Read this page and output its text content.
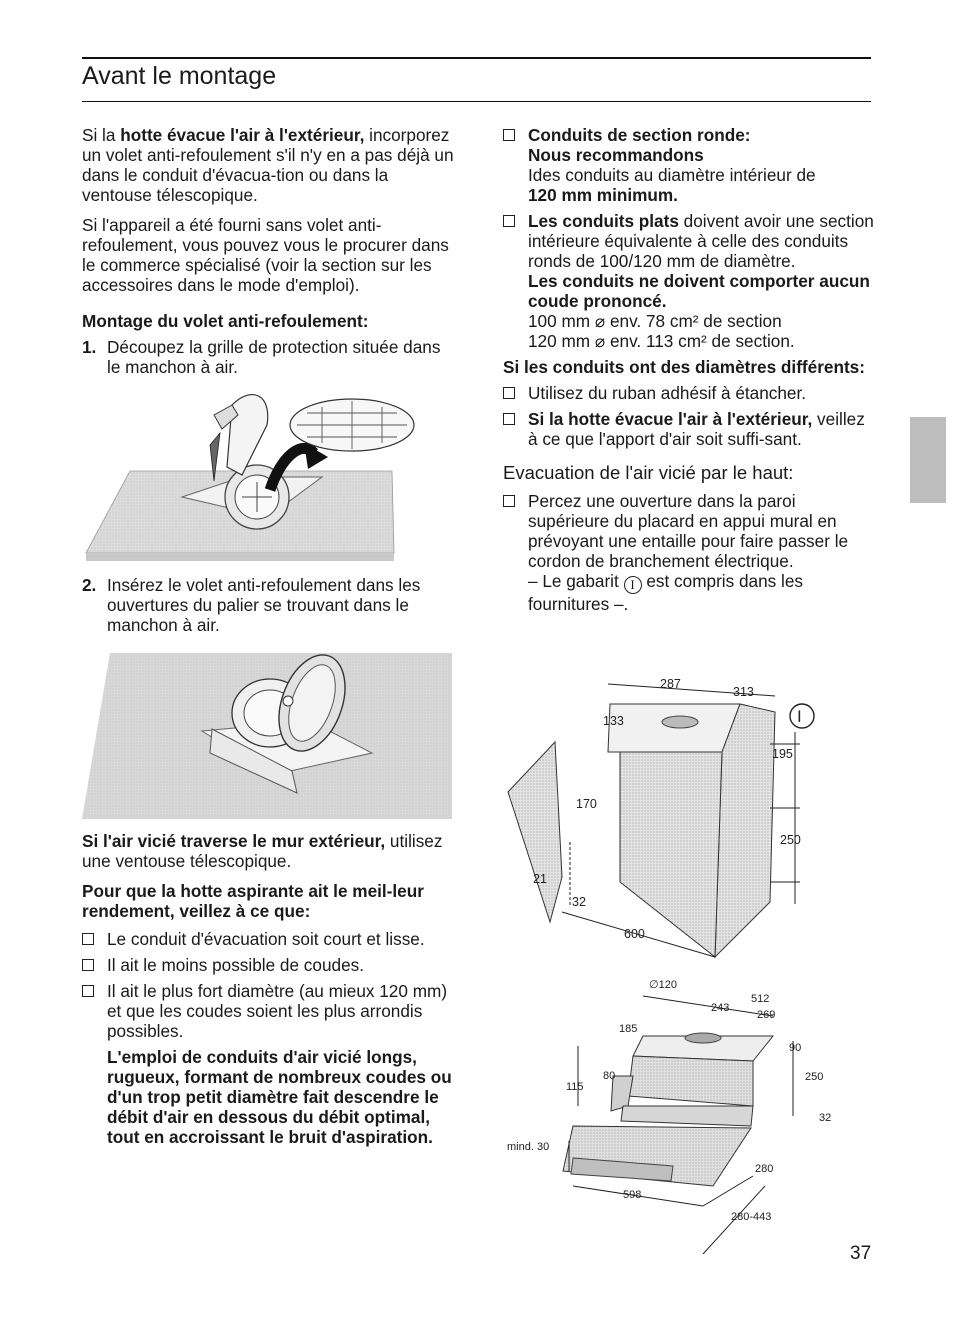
Avant le montage

Si la hotte évacue l'air à l'extérieur, incorporez un volet anti-refoulement s'il n'y en a pas déjà un dans le conduit d'évacua-tion ou dans la ventouse télescopique.

Si l'appareil a été fourni sans volet anti-refoulement, vous pouvez vous le procurer dans le commerce spécialisé (voir la section sur les accessoires dans le mode d'emploi).

Montage du volet anti-refoulement:

1. Découpez la grille de protection située dans le manchon à air.
2. Insérez le volet anti-refoulement dans les ouvertures du palier se trouvant dans le manchon à air.

Si l'air vicié traverse le mur extérieur, utilisez une ventouse télescopique.

Pour que la hotte aspirante ait le meil-leur rendement, veillez à ce que:

Le conduit d'évacuation soit court et lisse.
Il ait le moins possible de coudes.
Il ait le plus fort diamètre (au mieux 120 mm) et que les coudes soient les plus arrondis possibles.

L'emploi de conduits d'air vicié longs, rugueux, formant de nombreux coudes ou d'un trop petit diamètre fait descendre le débit d'air en dessous du débit optimal, tout en accroissant le bruit d'aspiration.

Conduits de section ronde:
Nous recommandons
Ides conduits au diamètre intérieur de
120 mm minimum.
Les conduits plats doivent avoir une section intérieure équivalente à celle des conduits ronds de 100/120 mm de diamètre.
Les conduits ne doivent comporter aucun coude prononcé.
100 mm ⌀ env. 78 cm² de section
120 mm ⌀ env. 113 cm² de section.

Si les conduits ont des diamètres différents:

Utilisez du ruban adhésif à étancher.
Si la hotte évacue l'air à l'extérieur, veillez à ce que l'apport d'air soit suffi-sant.
Evacuation de l'air vicié par le haut:
Percez une ouverture dans la paroi supérieure du placard en appui mural en prévoyant une entaille pour faire passer le cordon de branchement électrique.
– Le gabarit I est compris dans les fournitures –.
287
313
133
195
250
170
21
32
600
I
∅120
512
243
269
185
90
80	250
115
32
mind. 30
280
598
280-443
37
